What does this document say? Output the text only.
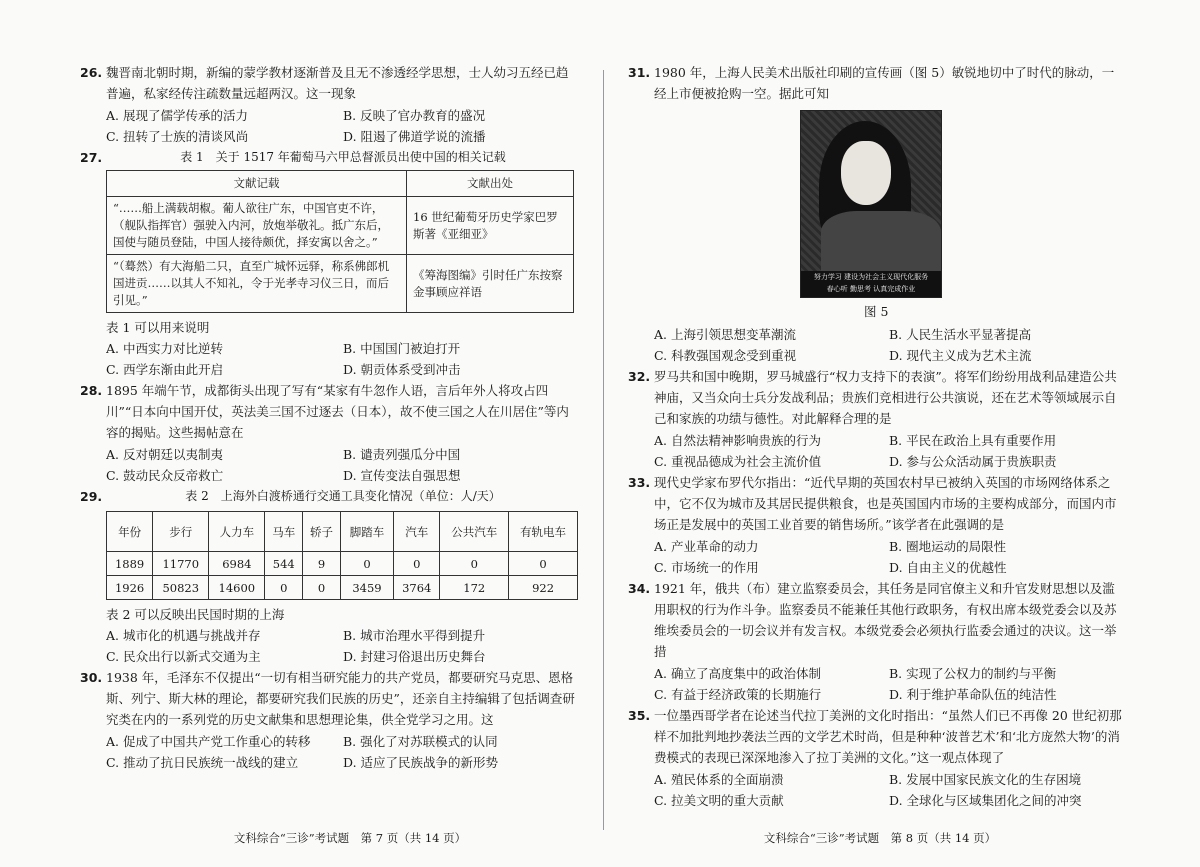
26. 魏晋南北朝时期，新编的蒙学教材逐渐普及且无不渗透经学思想，士人幼习五经已趋普遍，私家经传注疏数量远超两汉。这一现象
A. 展现了儒学传承的活力	B. 反映了官办教育的盛况
C. 扭转了士族的清谈风尚	D. 阻遏了佛道学说的流播
27.	表 1　关于 1517 年葡萄马六甲总督派员出使中国的相关记载
文献记载	文献出处
“……船上满载胡椒。葡人欲往广东，中国官吏不许，（舰队指挥官）强驶入内河，放炮举敬礼。抵广东后，国使与随员登陆，中国人接待颇优，择安寓以舍之。”	16 世纪葡萄牙历史学家巴罗斯著《亚细亚》
“（蓦然）有大海船二只，直至广城怀远驿，称系佛郎机国进贡……以其人不知礼，令于光孝寺习仪三日，而后引见。”	《筹海图编》引时任广东按察金事顾应祥语
表 1 可以用来说明
A. 中西实力对比逆转	B. 中国国门被迫打开
C. 西学东渐由此开启	D. 朝贡体系受到冲击
28. 1895 年端午节，成都街头出现了写有“某家有牛忽作人语，言后年外人将攻占四川”“日本向中国开仗，英法美三国不过逐去（日本），故不使三国之人在川居住”等内容的揭贴。这些揭帖意在
A. 反对朝廷以夷制夷	B. 谴责列强瓜分中国
C. 鼓动民众反帝救亡	D. 宣传变法自强思想
29.	表 2　上海外白渡桥通行交通工具变化情况（单位：人/天）
年份	步行	人力车	马车	轿子	脚踏车	汽车	公共汽车	有轨电车
1889	11770	6984	544	9	0	0	0	0
1926	50823	14600	0	0	3459	3764	172	922
表 2 可以反映出民国时期的上海
A. 城市化的机遇与挑战并存	B. 城市治理水平得到提升
C. 民众出行以新式交通为主	D. 封建习俗退出历史舞台
30. 1938 年，毛泽东不仅提出“一切有相当研究能力的共产党员，都要研究马克思、恩格斯、列宁、斯大林的理论，都要研究我们民族的历史”，还亲自主持编辑了包括调查研究类在内的一系列党的历史文献集和思想理论集，供全党学习之用。这
A. 促成了中国共产党工作重心的转移	B. 强化了对苏联模式的认同
C. 推动了抗日民族统一战线的建立	D. 适应了民族战争的新形势
文科综合“三诊”考试题　第 7 页（共 14 页）
31. 1980 年，上海人民美术出版社印刷的宣传画（图 5）敏锐地切中了时代的脉动，一经上市便被抢购一空。据此可知
努力学习 建设为社会主义现代化服务
春心听 勤思考 认真完成作业
图 5
A. 上海引领思想变革潮流	B. 人民生活水平显著提高
C. 科教强国观念受到重视	D. 现代主义成为艺术主流
32. 罗马共和国中晚期，罗马城盛行“权力支持下的表演”。将军们纷纷用战利品建造公共神庙，又当众向士兵分发战利品；贵族们竞相进行公共演说，还在艺术等领域展示自己和家族的功绩与德性。对此解释合理的是
A. 自然法精神影响贵族的行为	B. 平民在政治上具有重要作用
C. 重视品德成为社会主流价值	D. 参与公众活动属于贵族职责
33. 现代史学家布罗代尔指出：“近代早期的英国农村早已被纳入英国的市场网络体系之中，它不仅为城市及其居民提供粮食，也是英国国内市场的主要构成部分，而国内市场正是发展中的英国工业首要的销售场所。”该学者在此强调的是
A. 产业革命的动力	B. 圈地运动的局限性
C. 市场统一的作用	D. 自由主义的优越性
34. 1921 年，俄共（布）建立监察委员会，其任务是同官僚主义和升官发财思想以及滥用职权的行为作斗争。监察委员不能兼任其他行政职务，有权出席本级党委会以及苏维埃委员会的一切会议并有发言权。本级党委会必须执行监委会通过的决议。这一举措
A. 确立了高度集中的政治体制	B. 实现了公权力的制约与平衡
C. 有益于经济政策的长期施行	D. 利于维护革命队伍的纯洁性
35. 一位墨西哥学者在论述当代拉丁美洲的文化时指出：“虽然人们已不再像 20 世纪初那样不加批判地抄袭法兰西的文学艺术时尚，但是种种‘波普艺术’和‘北方庞然大物’的消费模式的表现已深深地渗入了拉丁美洲的文化。”这一观点体现了
A. 殖民体系的全面崩溃	B. 发展中国家民族文化的生存困境
C. 拉美文明的重大贡献	D. 全球化与区域集团化之间的冲突
文科综合“三诊”考试题　第 8 页（共 14 页）
